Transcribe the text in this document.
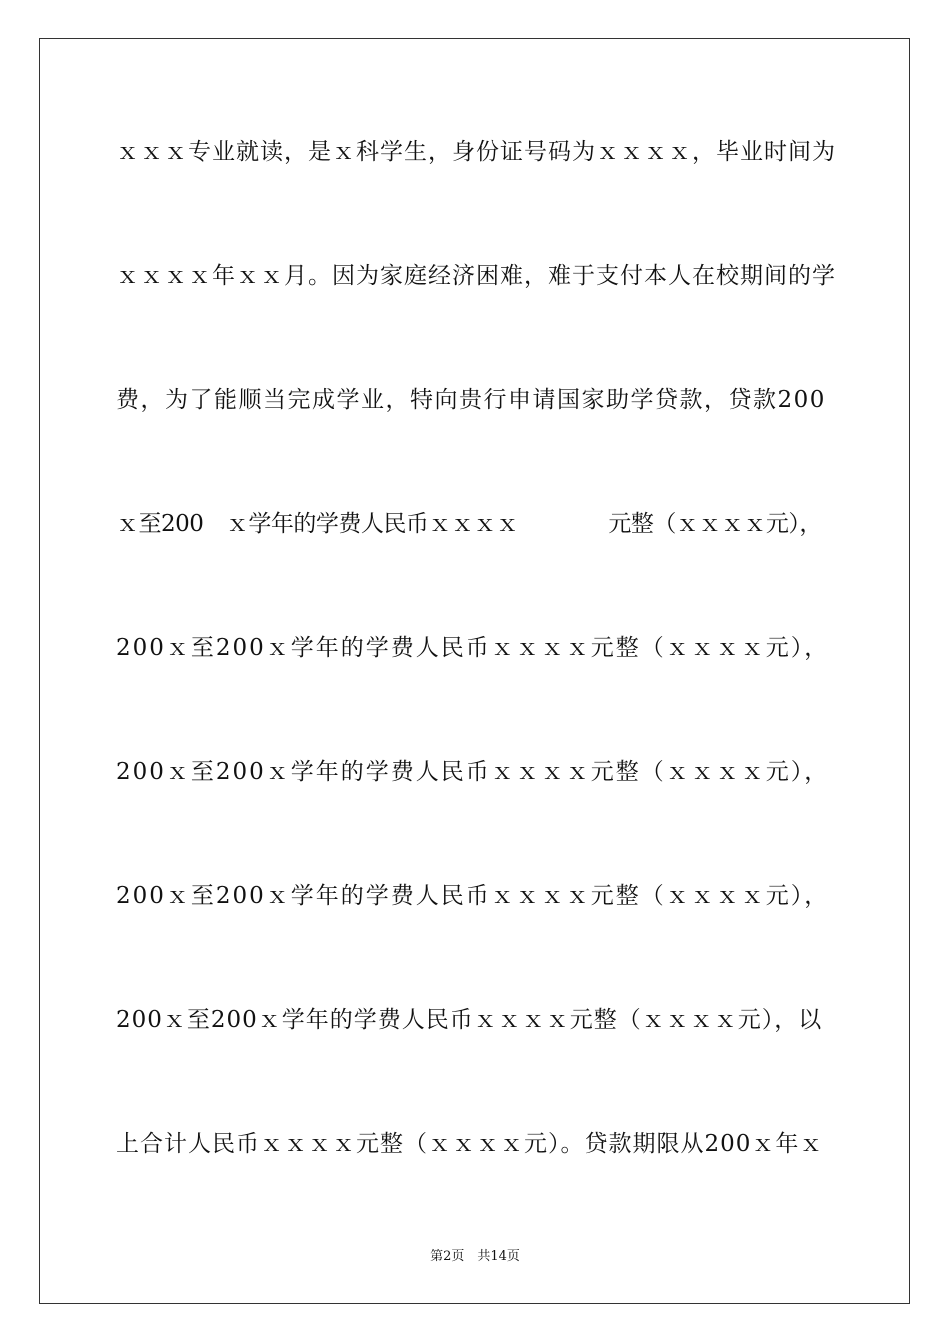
ｘｘｘ专业就读，是ｘ科学生，身份证号码为ｘｘｘｘ，毕业时间为
ｘｘｘｘ年ｘｘ月。因为家庭经济困难，难于支付本人在校期间的学
费，为了能顺当完成学业，特向贵行申请国家助学贷款，贷款200
ｘ至200　ｘ学年的学费人民币ｘｘｘｘ　　　　元整（ｘｘｘｘ元），
200ｘ至200ｘ学年的学费人民币ｘｘｘｘ元整（ｘｘｘｘ元），
200ｘ至200ｘ学年的学费人民币ｘｘｘｘ元整（ｘｘｘｘ元），
200ｘ至200ｘ学年的学费人民币ｘｘｘｘ元整（ｘｘｘｘ元），
200ｘ至200ｘ学年的学费人民币ｘｘｘｘ元整（ｘｘｘｘ元），以
上合计人民币ｘｘｘｘ元整（ｘｘｘｘ元）。贷款期限从200ｘ年ｘ
第2页　共14页
